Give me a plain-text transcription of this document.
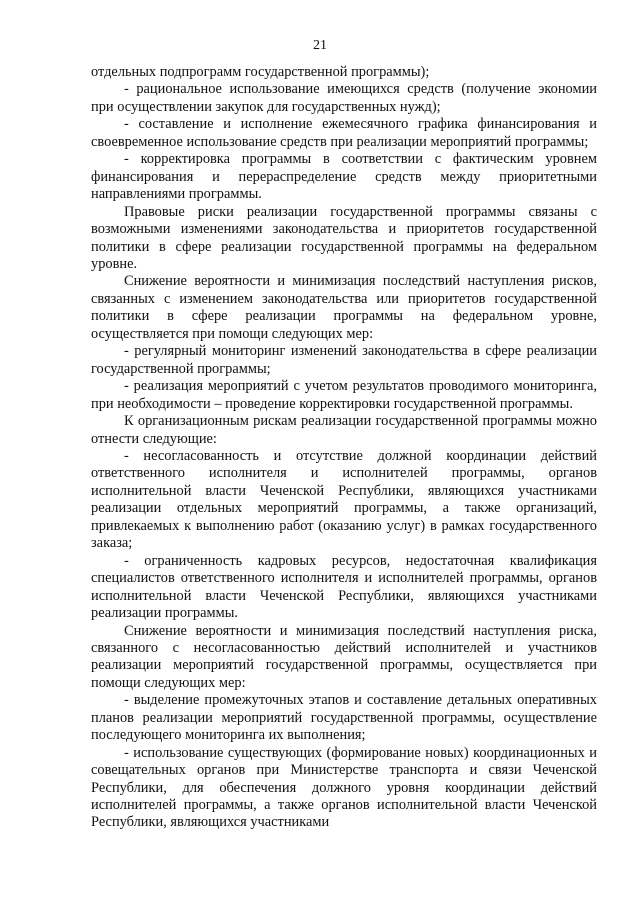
21

отдельных подпрограмм государственной программы);

- рациональное использование имеющихся средств (получение экономии при осуществлении закупок для государственных нужд);

- составление и исполнение ежемесячного графика финансирования и своевременное использование средств при реализации мероприятий программы;

- корректировка программы в соответствии с фактическим уровнем финансирования и перераспределение средств между приоритетными направлениями программы.

Правовые риски реализации государственной программы связаны с возможными изменениями законодательства и приоритетов государственной политики в сфере реализации государственной программы на федеральном уровне.

Снижение вероятности и минимизация последствий наступления рисков, связанных с изменением законодательства или приоритетов государственной политики в сфере реализации программы на федеральном уровне, осуществляется при помощи следующих мер:

- регулярный мониторинг изменений законодательства в сфере реализации государственной программы;

- реализация мероприятий с учетом результатов проводимого мониторинга, при необходимости – проведение корректировки государственной программы.

К организационным рискам реализации государственной программы можно отнести следующие:

- несогласованность и отсутствие должной координации действий ответственного исполнителя и исполнителей программы, органов исполнительной власти Чеченской Республики, являющихся участниками реализации отдельных мероприятий программы, а также организаций, привлекаемых к выполнению работ (оказанию услуг) в рамках государственного заказа;

- ограниченность кадровых ресурсов, недостаточная квалификация специалистов ответственного исполнителя и исполнителей программы, органов исполнительной власти Чеченской Республики, являющихся участниками реализации программы.

Снижение вероятности и минимизация последствий наступления риска, связанного с несогласованностью действий исполнителей и участников реализации мероприятий государственной программы, осуществляется при помощи следующих мер:

- выделение промежуточных этапов и составление детальных оперативных планов реализации мероприятий государственной программы, осуществление последующего мониторинга их выполнения;

- использование существующих (формирование новых) координационных и совещательных органов при Министерстве транспорта и связи Чеченской Республики, для обеспечения должного уровня координации действий исполнителей программы, а также органов исполнительной власти Чеченской Республики, являющихся участниками
